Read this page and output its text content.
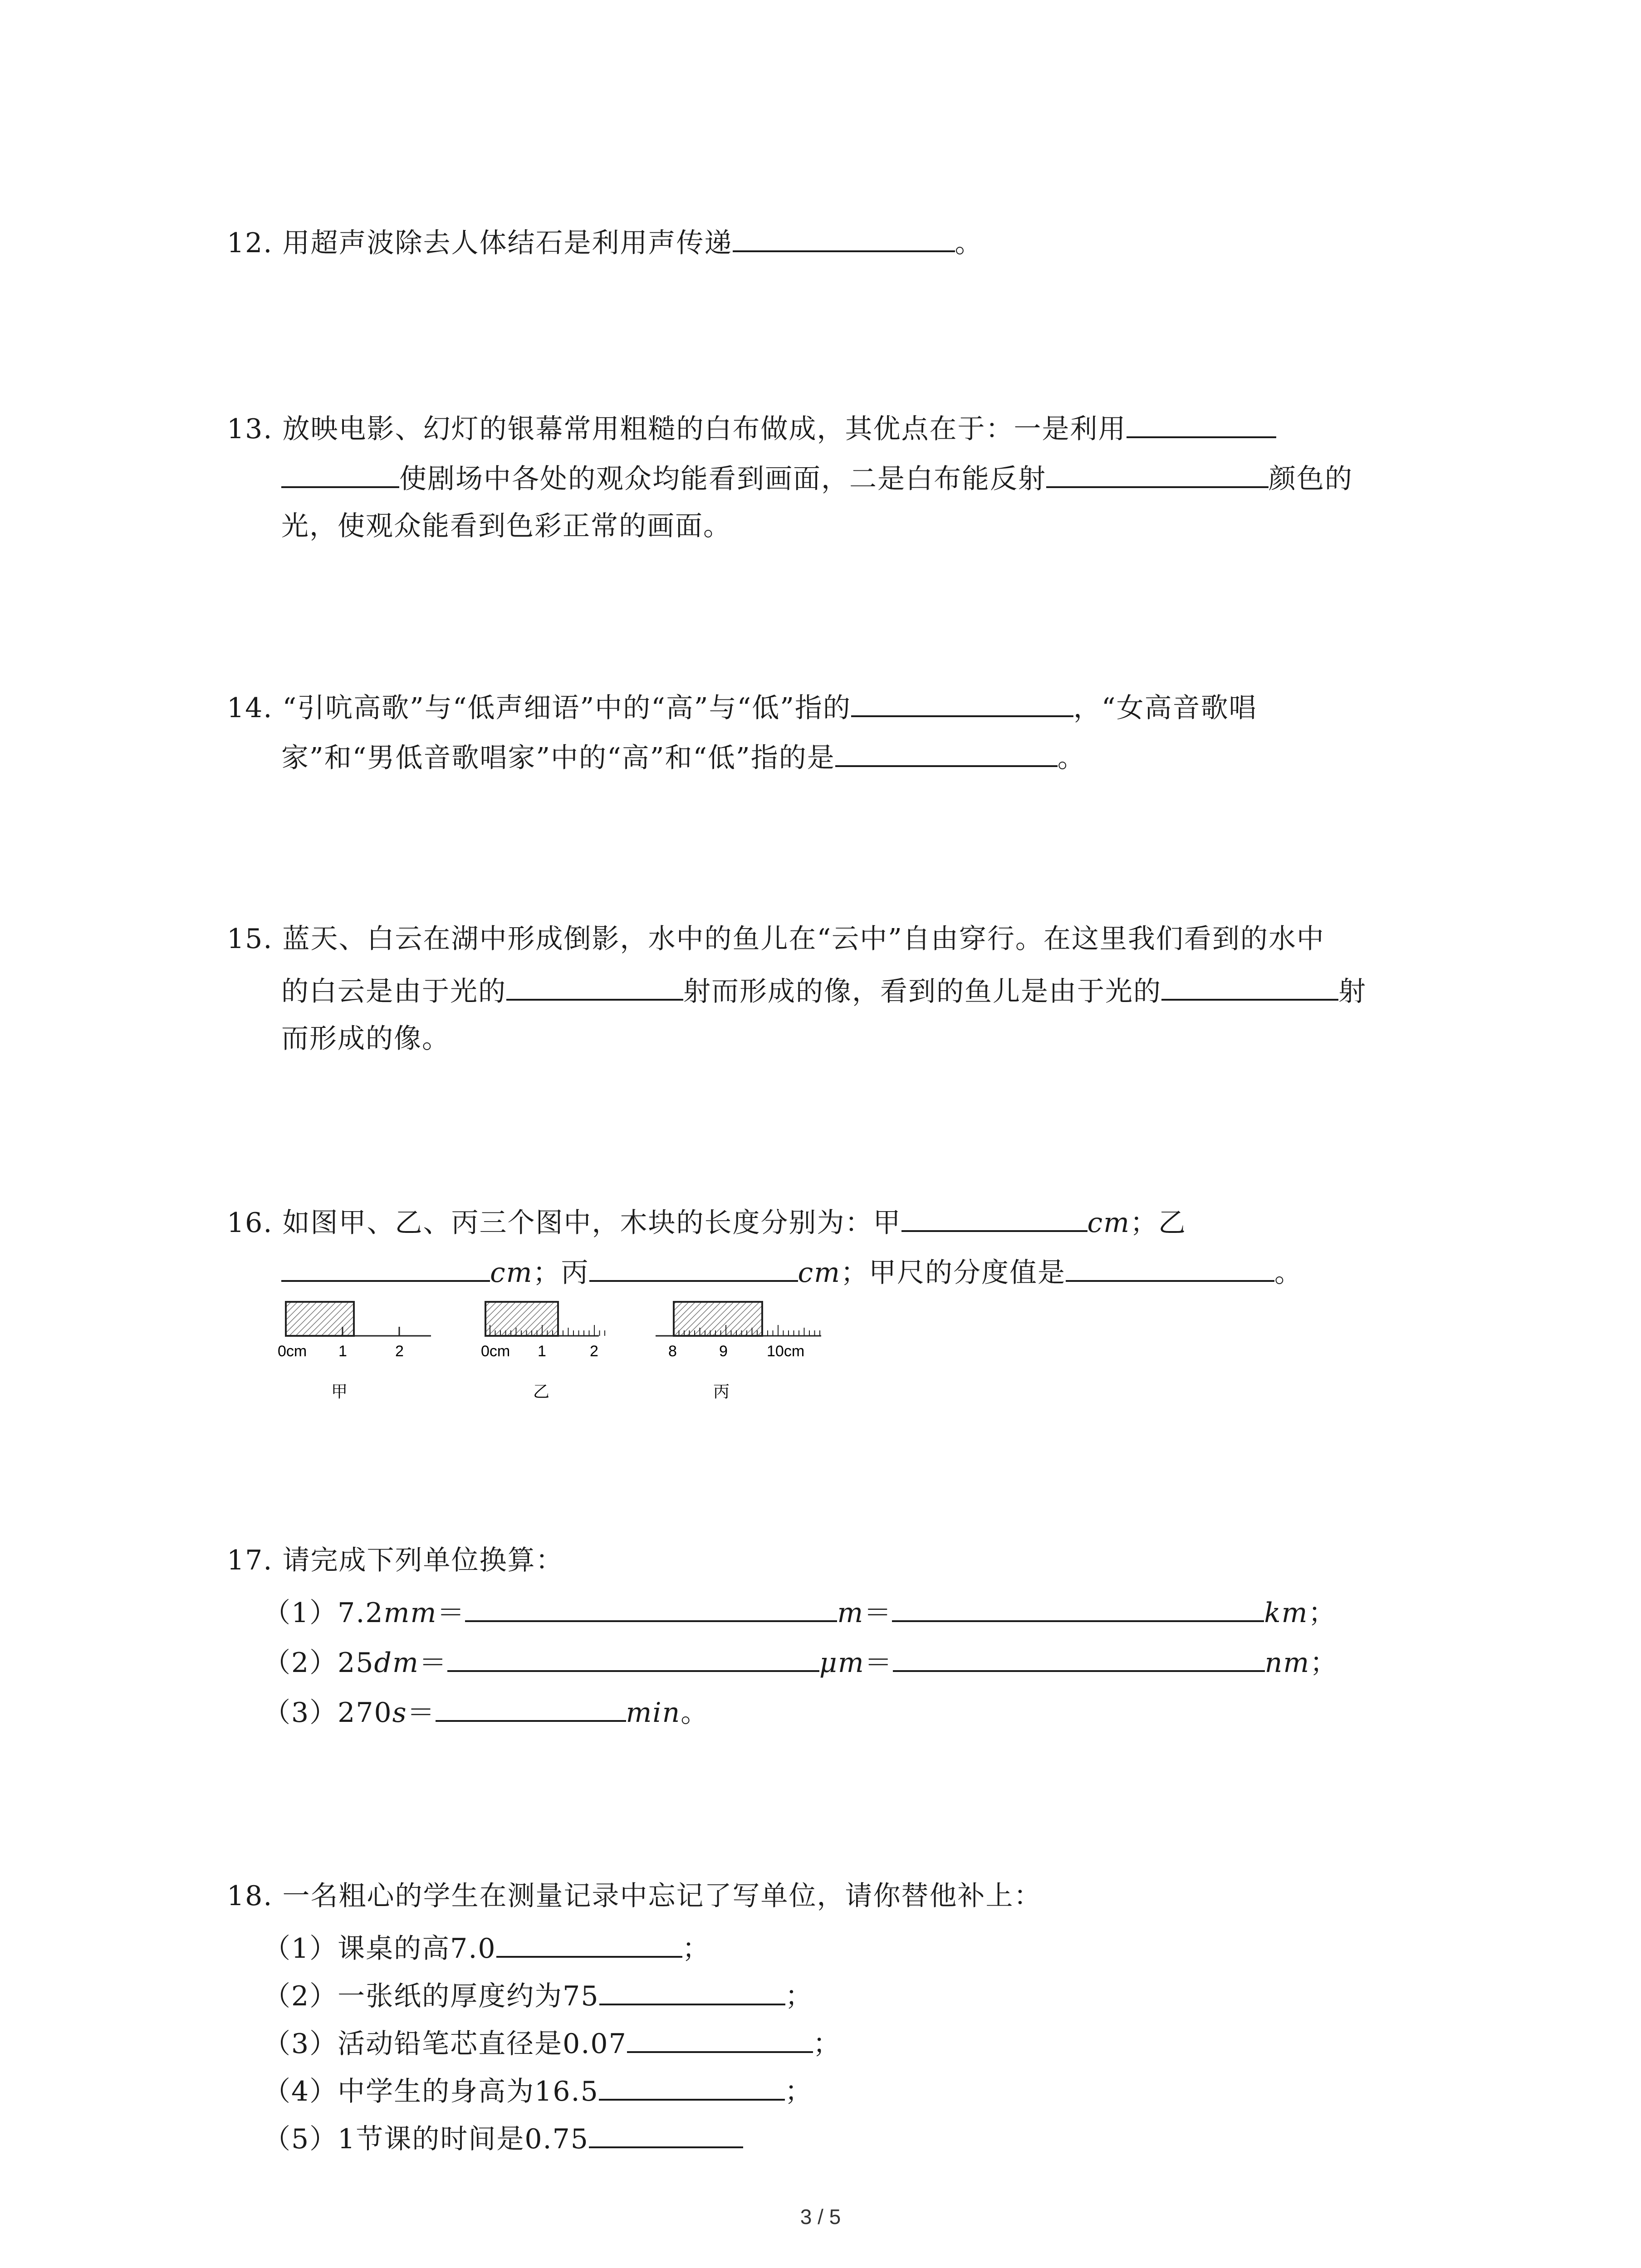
12. 用超声波除去人体结石是利用声传递	。
13. 放映电影、幻灯的银幕常用粗糙的白布做成，其优点在于：一是利用
使剧场中各处的观众均能看到画面，二是白布能反射	颜色的
光，使观众能看到色彩正常的画面。
14. “引吭高歌”与“低声细语”中的“高”与“低”指的	，“女高音歌唱
家”和“男低音歌唱家”中的“高”和“低”指的是	。
15. 蓝天、白云在湖中形成倒影，水中的鱼儿在“云中”自由穿行。在这里我们看到的水中
的白云是由于光的	射而形成的像，看到的鱼儿是由于光的	射
而形成的像。
16. 如图甲、乙、丙三个图中，木块的长度分别为：甲	cm；乙
cm；丙	cm；甲尺的分度值是	。
0cm 1	2
甲
0cm 1	2
乙
8	9	10cm
丙
17. 请完成下列单位换算：
（1）7.2mm＝	m＝	km；
（2）25dm＝	μm＝	nm；
（3）270s＝	min。
18. 一名粗心的学生在测量记录中忘记了写单位，请你替他补上：
（1）课桌的高7.0	；
（2）一张纸的厚度约为75	；
（3）活动铅笔芯直径是0.07	；
（4）中学生的身高为16.5	；
（5）1节课的时间是0.75
3 / 5
